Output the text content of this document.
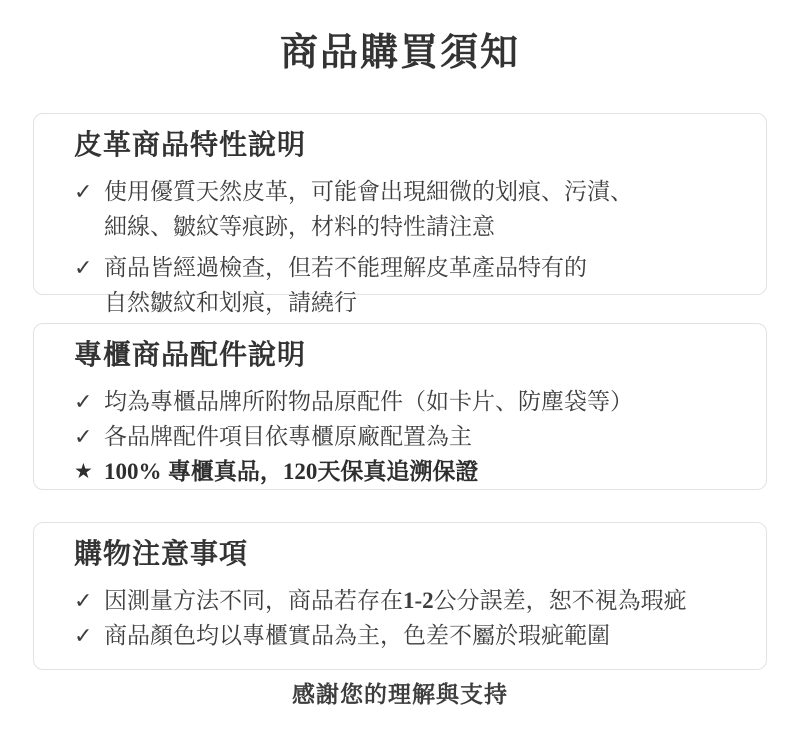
商品購買須知
皮革商品特性說明
✓ 使用優質天然皮革，可能會出現細微的划痕、污漬、
細線、皺紋等痕跡，材料的特性請注意
✓ 商品皆經過檢查，但若不能理解皮革產品特有的
自然皺紋和划痕，請繞行
專櫃商品配件說明
✓ 均為專櫃品牌所附物品原配件（如卡片、防塵袋等）
✓ 各品牌配件項目依專櫃原廠配置為主
★ 100% 專櫃真品，120天保真追溯保證
購物注意事項
✓ 因測量方法不同，商品若存在1-2公分誤差，恕不視為瑕疵
✓ 商品顏色均以專櫃實品為主，色差不屬於瑕疵範圍
感謝您的理解與支持
